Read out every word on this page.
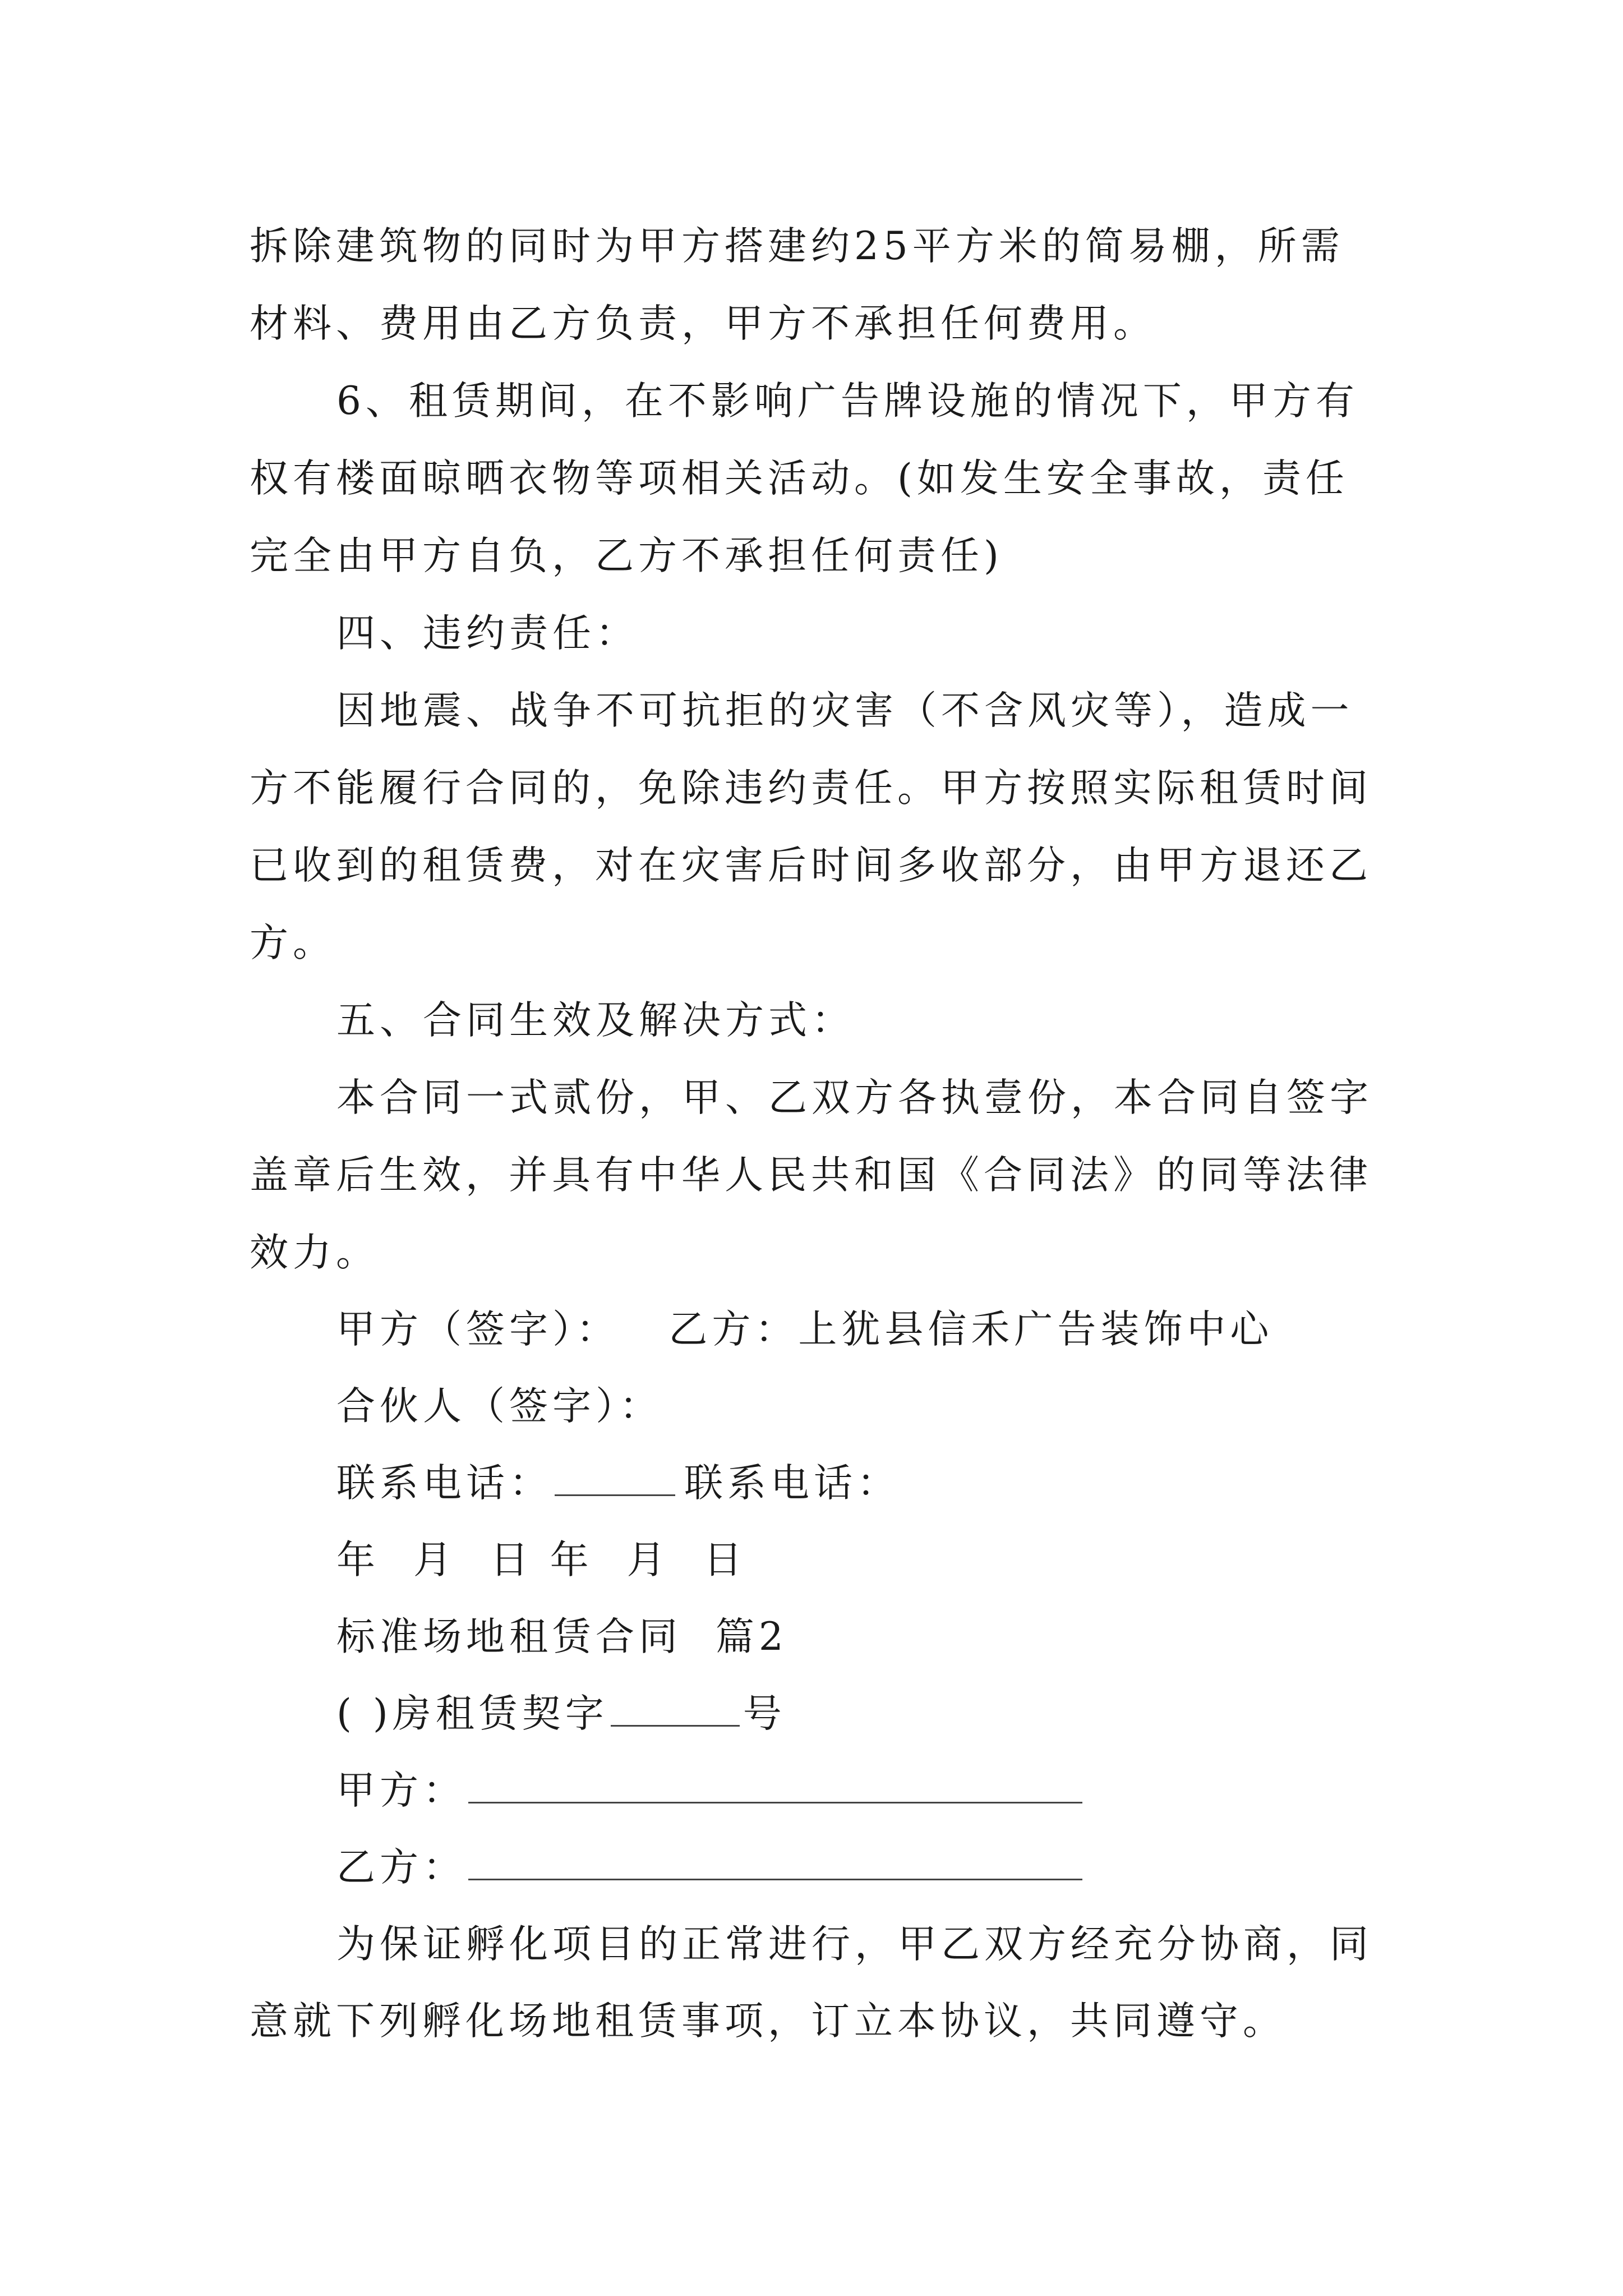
拆除建筑物的同时为甲方搭建约25平方米的简易棚，所需
材料、费用由乙方负责，甲方不承担任何费用。
6、租赁期间，在不影响广告牌设施的情况下，甲方有
权有楼面晾晒衣物等项相关活动。(如发生安全事故，责任
完全由甲方自负，乙方不承担任何责任)
四、违约责任：
因地震、战争不可抗拒的灾害（不含风灾等），造成一
方不能履行合同的，免除违约责任。甲方按照实际租赁时间
已收到的租赁费，对在灾害后时间多收部分，由甲方退还乙
方。
五、合同生效及解决方式：
本合同一式贰份，甲、乙双方各执壹份，本合同自签字
盖章后生效，并具有中华人民共和国《合同法》的同等法律
效力。
甲方（签字）： 乙方：上犹县信禾广告装饰中心
合伙人（签字）：
联系电话：	联系电话：
年  月  日 年  月  日
标准场地租赁合同  篇2
( )房租赁契字	号
甲方：
乙方：
为保证孵化项目的正常进行，甲乙双方经充分协商，同
意就下列孵化场地租赁事项，订立本协议，共同遵守。
